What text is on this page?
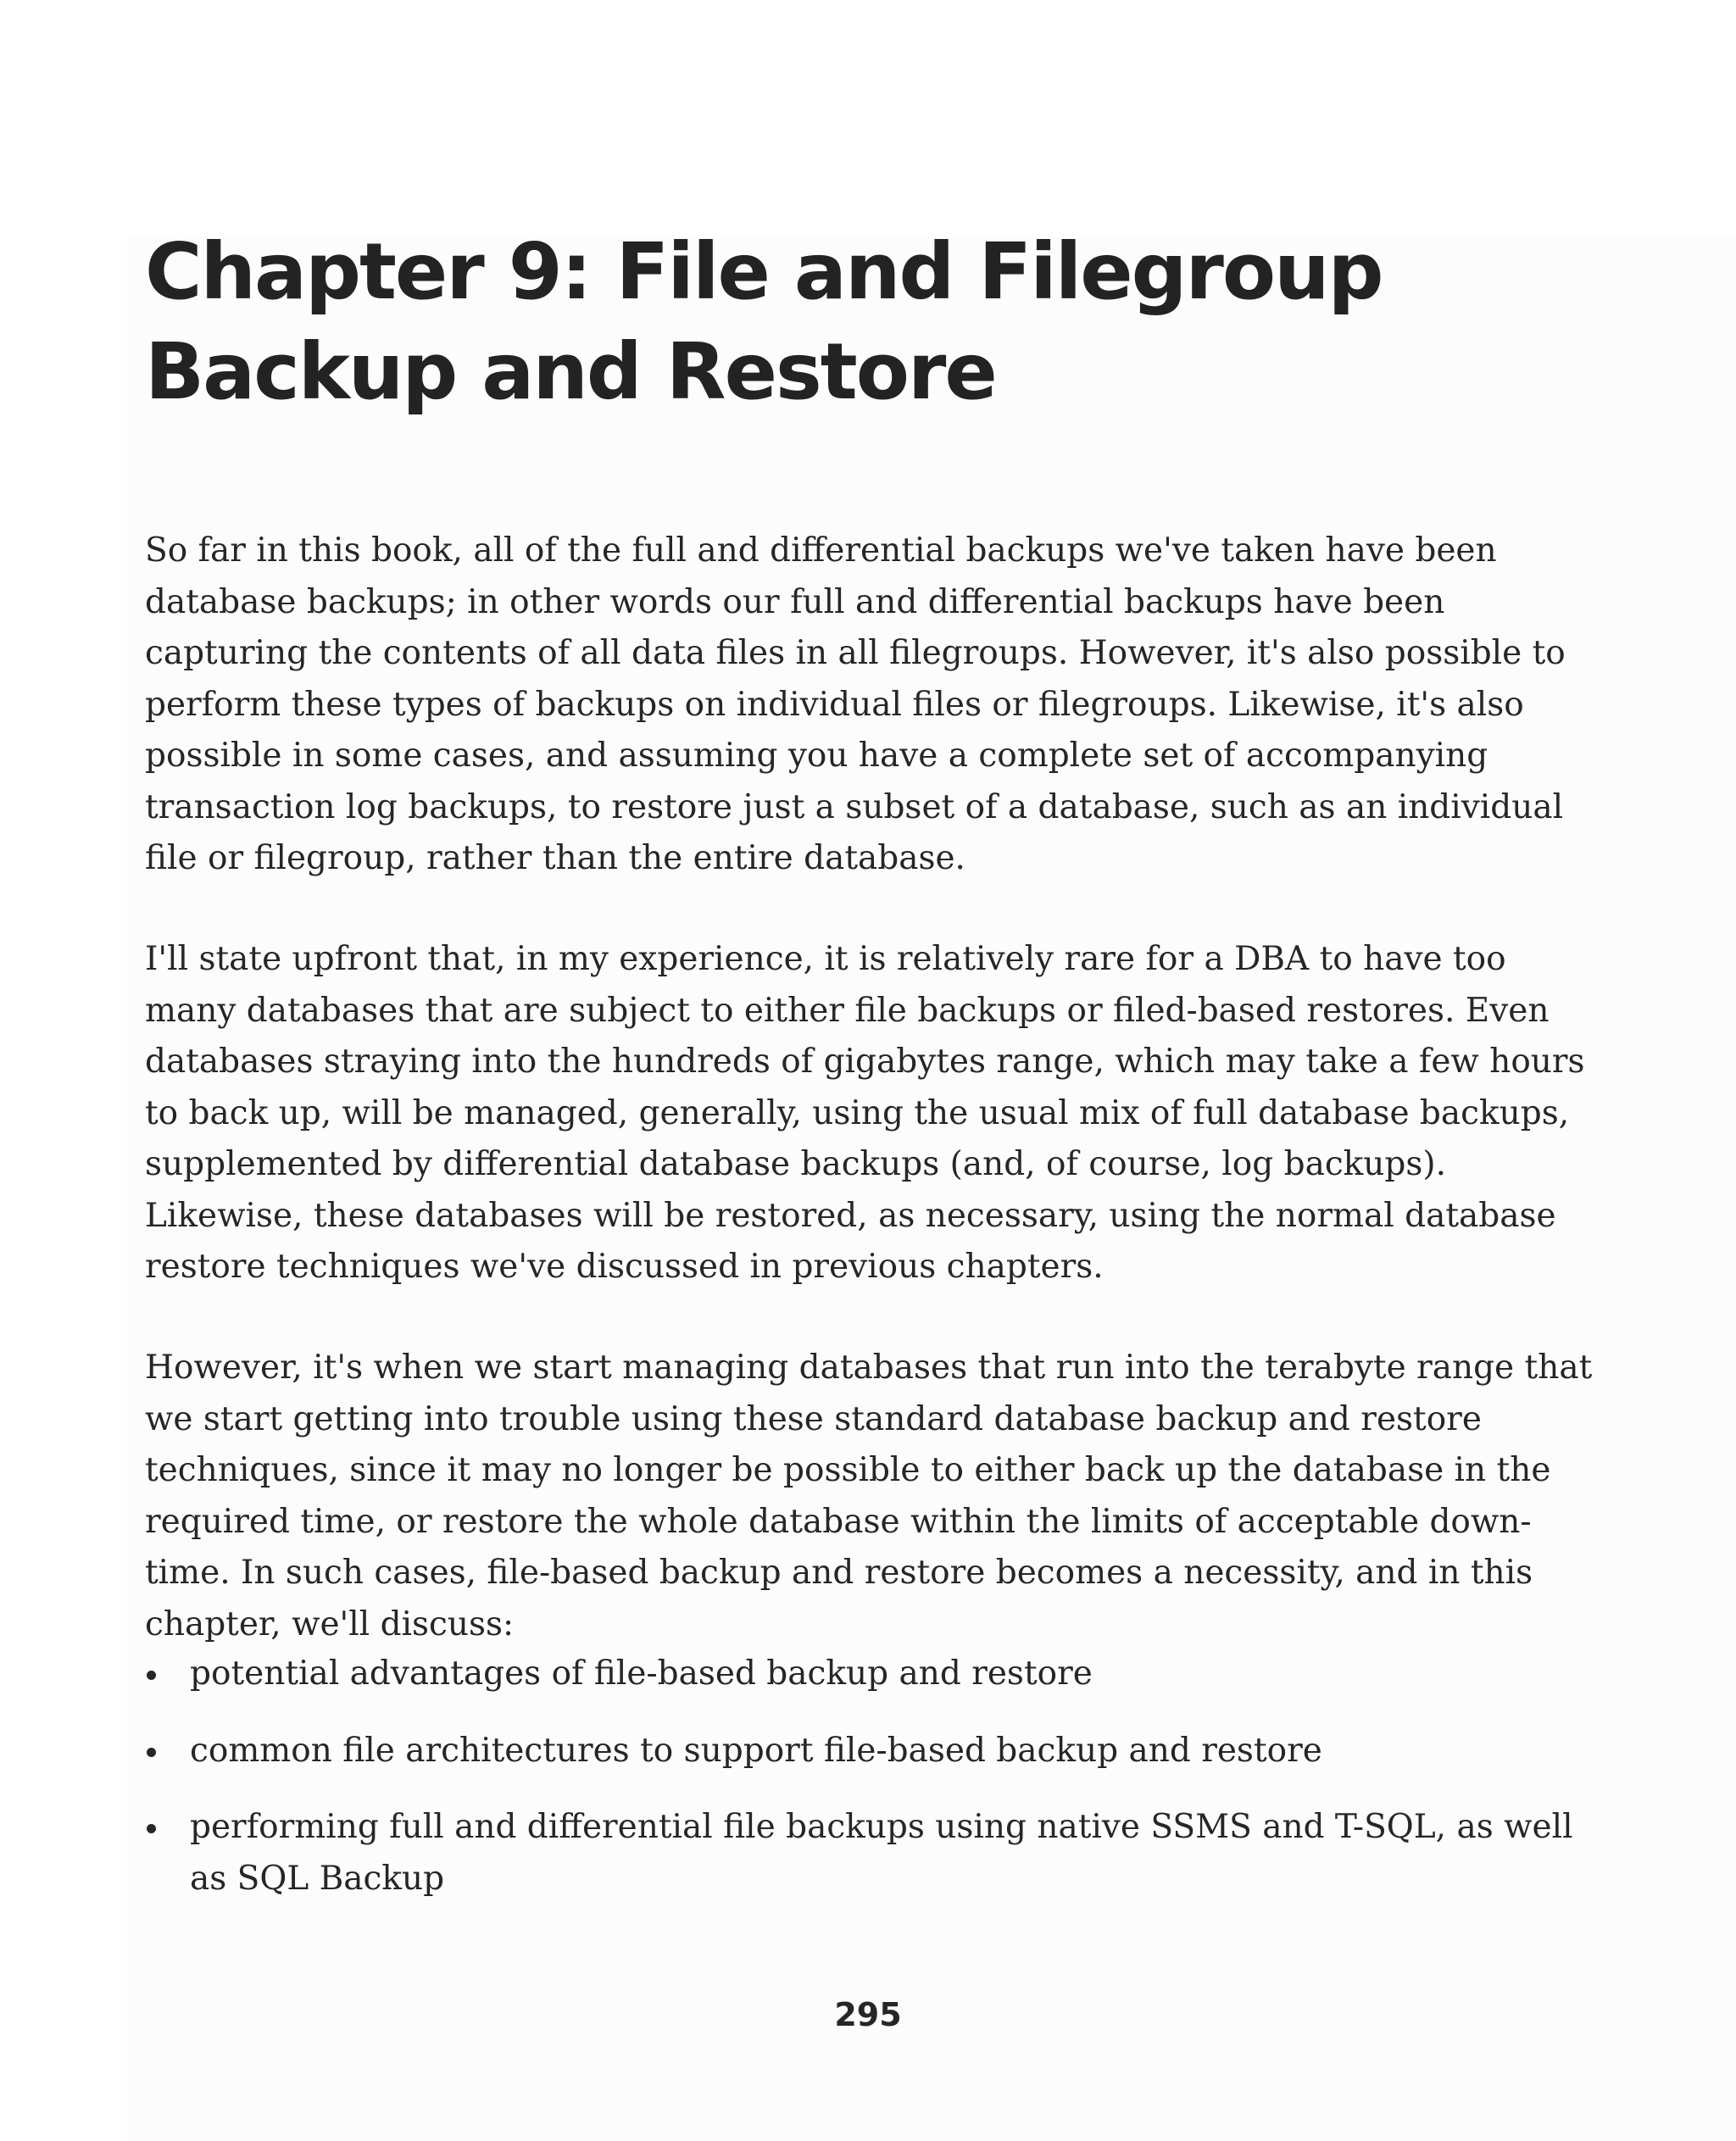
Chapter 9: File and Filegroup Backup and Restore

So far in this book, all of the full and differential backups we've taken have been database backups; in other words our full and differential backups have been capturing the contents of all data files in all filegroups. However, it's also possible to perform these types of backups on individual files or filegroups. Likewise, it's also possible in some cases, and assuming you have a complete set of accompanying transaction log backups, to restore just a subset of a database, such as an individual file or filegroup, rather than the entire database.

I'll state upfront that, in my experience, it is relatively rare for a DBA to have too many databases that are subject to either file backups or filed-based restores. Even databases straying into the hundreds of gigabytes range, which may take a few hours to back up, will be managed, generally, using the usual mix of full database backups, supplemented by differential database backups (and, of course, log backups). Likewise, these databases will be restored, as necessary, using the normal database restore techniques we've discussed in previous chapters.

However, it's when we start managing databases that run into the terabyte range that we start getting into trouble using these standard database backup and restore techniques, since it may no longer be possible to either back up the database in the required time, or restore the whole database within the limits of acceptable down-time. In such cases, file-based backup and restore becomes a necessity, and in this chapter, we'll discuss:

potential advantages of file-based backup and restore
common file architectures to support file-based backup and restore
performing full and differential file backups using native SSMS and T-SQL, as well as SQL Backup
295
